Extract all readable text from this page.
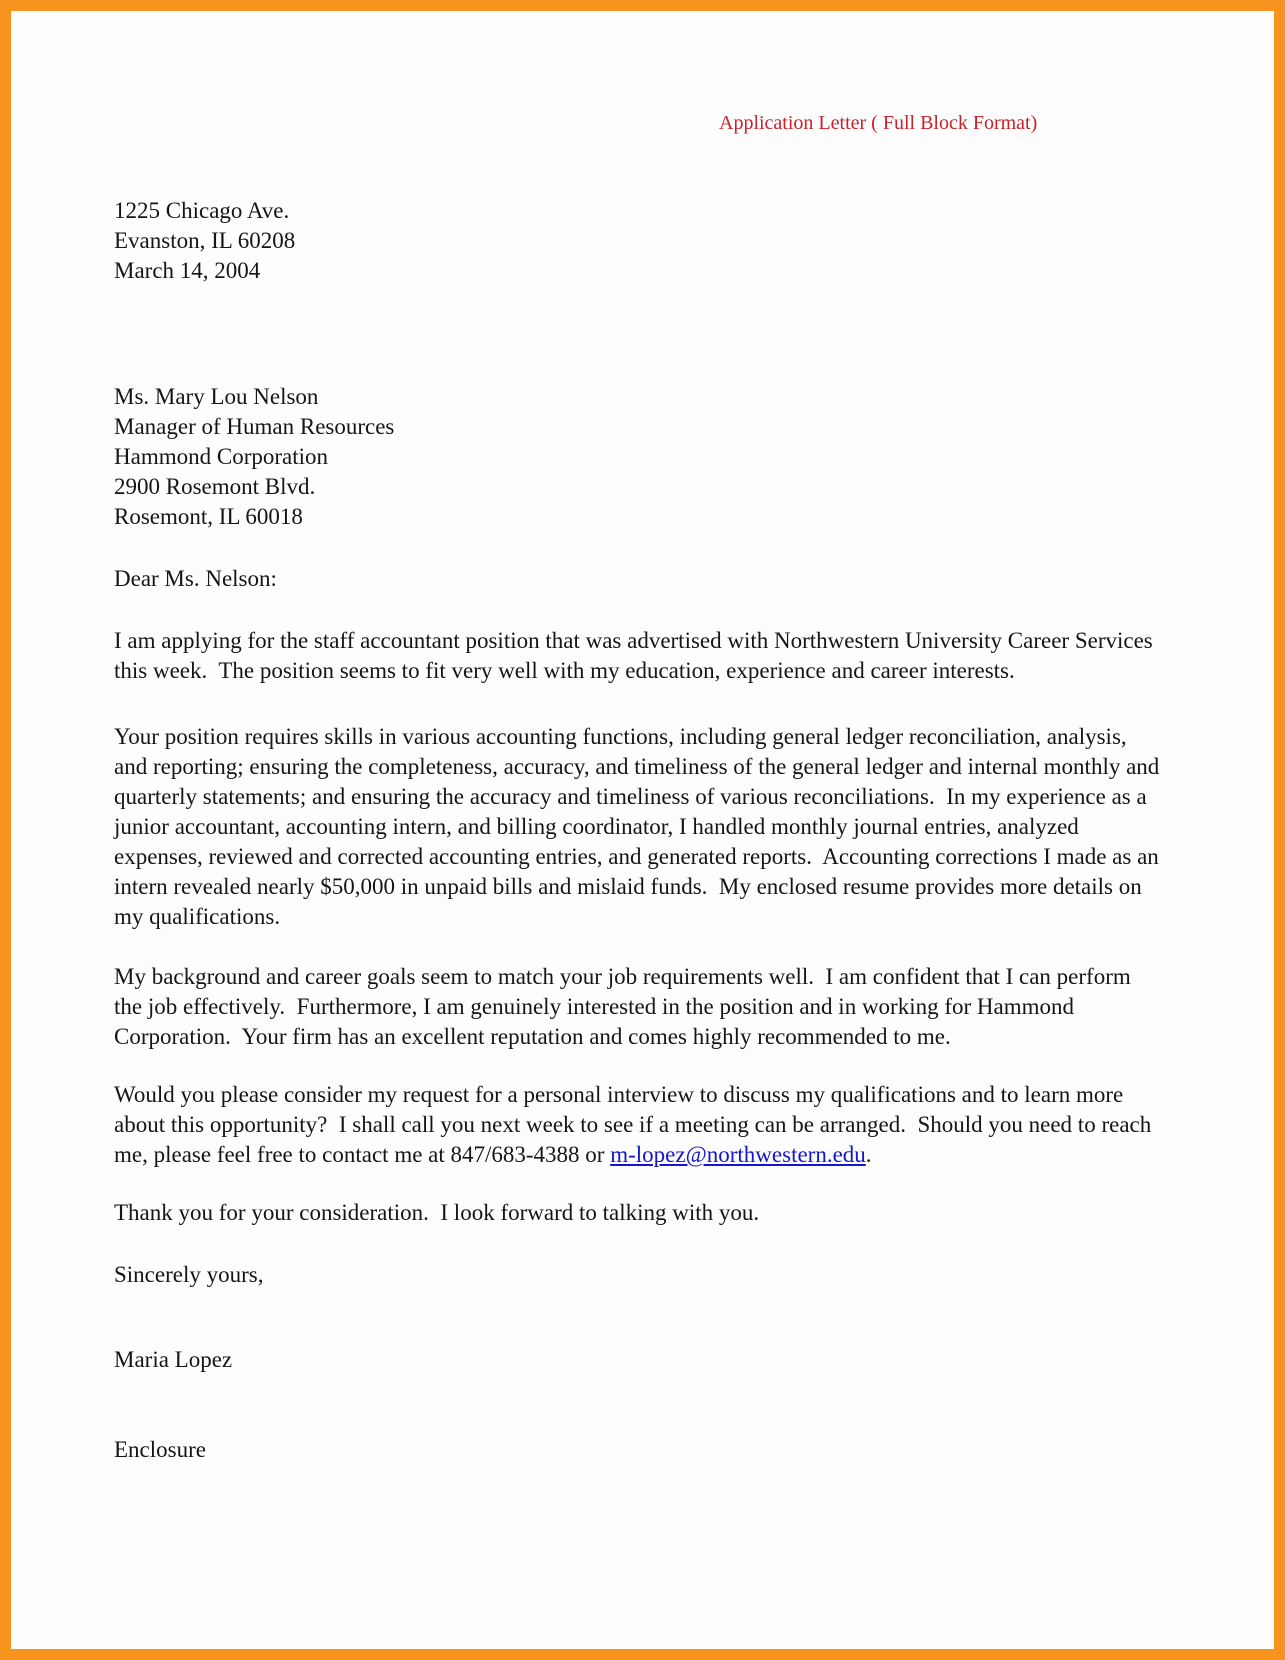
Application Letter ( Full Block Format)
1225 Chicago Ave.
Evanston, IL 60208
March 14, 2004
Ms. Mary Lou Nelson
Manager of Human Resources
Hammond Corporation
2900 Rosemont Blvd.
Rosemont, IL 60018
Dear Ms. Nelson:
I am applying for the staff accountant position that was advertised with Northwestern University Career Services this week.  The position seems to fit very well with my education, experience and career interests.
Your position requires skills in various accounting functions, including general ledger reconciliation, analysis, and reporting; ensuring the completeness, accuracy, and timeliness of the general ledger and internal monthly and quarterly statements; and ensuring the accuracy and timeliness of various reconciliations.  In my experience as a junior accountant, accounting intern, and billing coordinator, I handled monthly journal entries, analyzed expenses, reviewed and corrected accounting entries, and generated reports.  Accounting corrections I made as an intern revealed nearly $50,000 in unpaid bills and mislaid funds.  My enclosed resume provides more details on my qualifications.
My background and career goals seem to match your job requirements well.  I am confident that I can perform the job effectively.  Furthermore, I am genuinely interested in the position and in working for Hammond Corporation.  Your firm has an excellent reputation and comes highly recommended to me.
Would you please consider my request for a personal interview to discuss my qualifications and to learn more about this opportunity?  I shall call you next week to see if a meeting can be arranged.  Should you need to reach me, please feel free to contact me at 847/683-4388 or m-lopez@northwestern.edu.
Thank you for your consideration.  I look forward to talking with you.
Sincerely yours,
Maria Lopez
Enclosure
